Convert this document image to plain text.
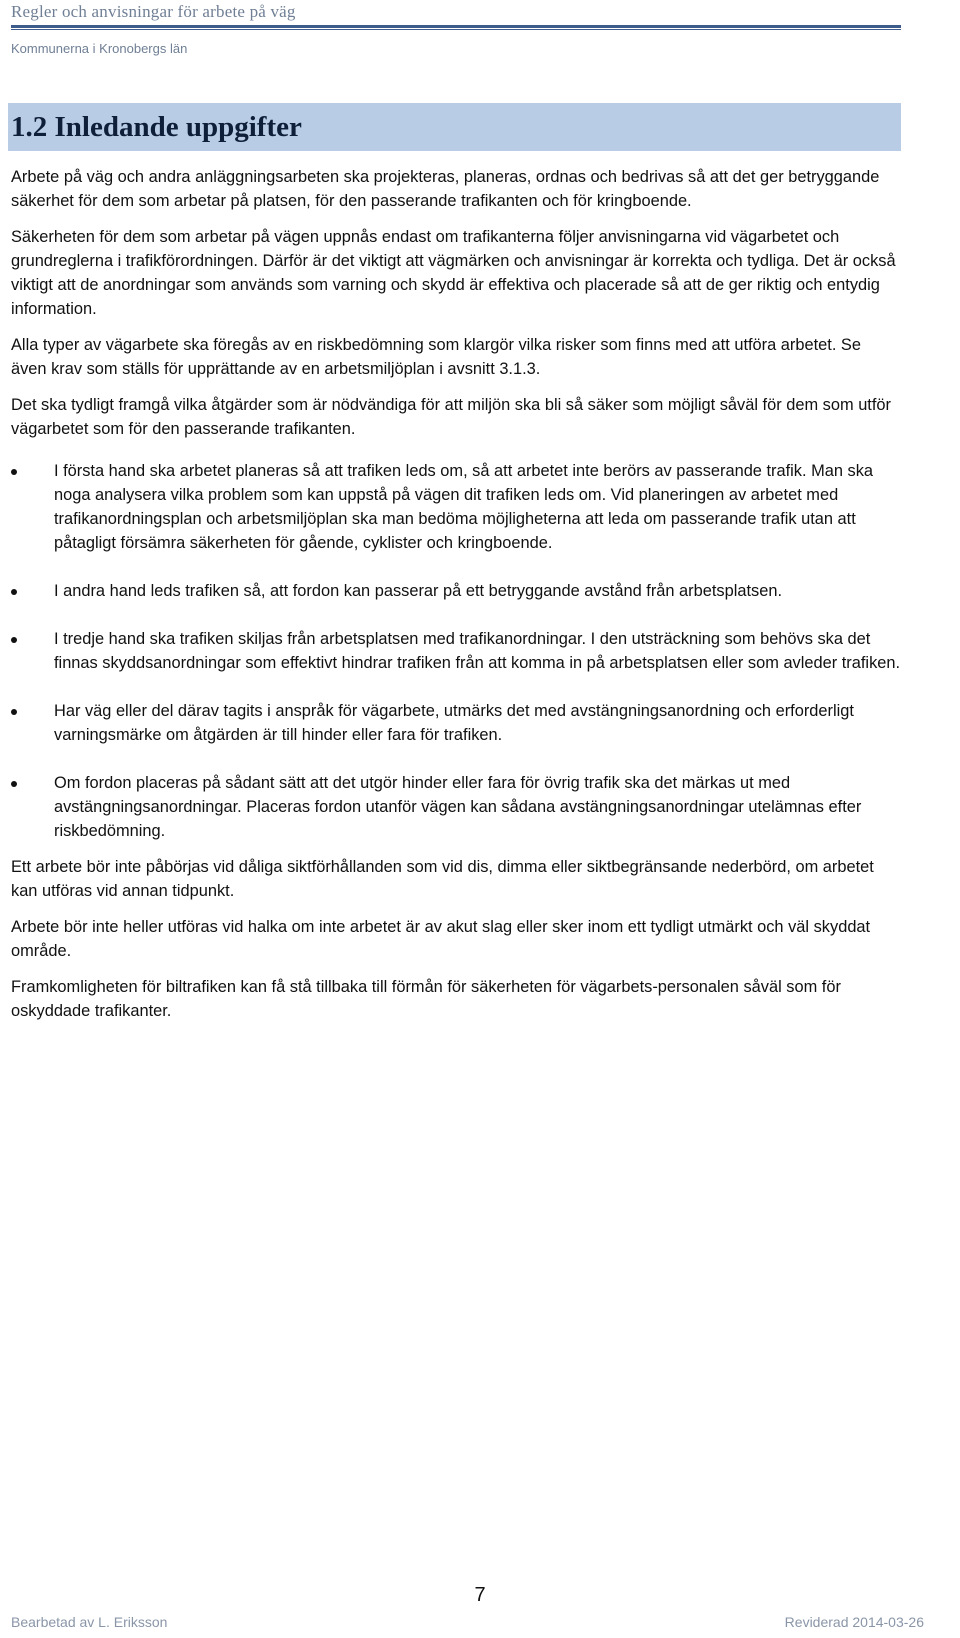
Regler och anvisningar för arbete på väg
Kommunerna i Kronobergs län
1.2 Inledande uppgifter

Arbete på väg och andra anläggningsarbeten ska projekteras, planeras, ordnas och bedrivas så att det ger betryggande säkerhet för dem som arbetar på platsen, för den passerande trafikanten och för kringboende.

Säkerheten för dem som arbetar på vägen uppnås endast om trafikanterna följer anvisningarna vid vägarbetet och grundreglerna i trafikförordningen. Därför är det viktigt att vägmärken och anvisningar är korrekta och tydliga. Det är också viktigt att de anordningar som används som varning och skydd är effektiva och placerade så att de ger riktig och entydig information.

Alla typer av vägarbete ska föregås av en riskbedömning som klargör vilka risker som finns med att utföra arbetet. Se även krav som ställs för upprättande av en arbetsmiljöplan i avsnitt 3.1.3.

Det ska tydligt framgå vilka åtgärder som är nödvändiga för att miljön ska bli så säker som möjligt såväl för dem som utför vägarbetet som för den passerande trafikanten.

I första hand ska arbetet planeras så att trafiken leds om, så att arbetet inte berörs av passerande trafik. Man ska noga analysera vilka problem som kan uppstå på vägen dit trafiken leds om. Vid planeringen av arbetet med trafikanordningsplan och arbetsmiljöplan ska man bedöma möjligheterna att leda om passerande trafik utan att påtagligt försämra säkerheten för gående, cyklister och kringboende.
I andra hand leds trafiken så, att fordon kan passerar på ett betryggande avstånd från arbetsplatsen.
I tredje hand ska trafiken skiljas från arbetsplatsen med trafikanordningar. I den utsträckning som behövs ska det finnas skyddsanordningar som effektivt hindrar trafiken från att komma in på arbetsplatsen eller som avleder trafiken.
Har väg eller del därav tagits i anspråk för vägarbete, utmärks det med avstängningsanordning och erforderligt varningsmärke om åtgärden är till hinder eller fara för trafiken.
Om fordon placeras på sådant sätt att det utgör hinder eller fara för övrig trafik ska det märkas ut med avstängningsanordningar. Placeras fordon utanför vägen kan sådana avstängningsanordningar utelämnas efter riskbedömning.

Ett arbete bör inte påbörjas vid dåliga siktförhållanden som vid dis, dimma eller siktbegränsande nederbörd, om arbetet kan utföras vid annan tidpunkt.

Arbete bör inte heller utföras vid halka om inte arbetet är av akut slag eller sker inom ett tydligt utmärkt och väl skyddat område.

Framkomligheten för biltrafiken kan få stå tillbaka till förmån för säkerheten för vägarbets-personalen såväl som för oskyddade trafikanter.

7
Bearbetad av L. Eriksson	Reviderad 2014-03-26
